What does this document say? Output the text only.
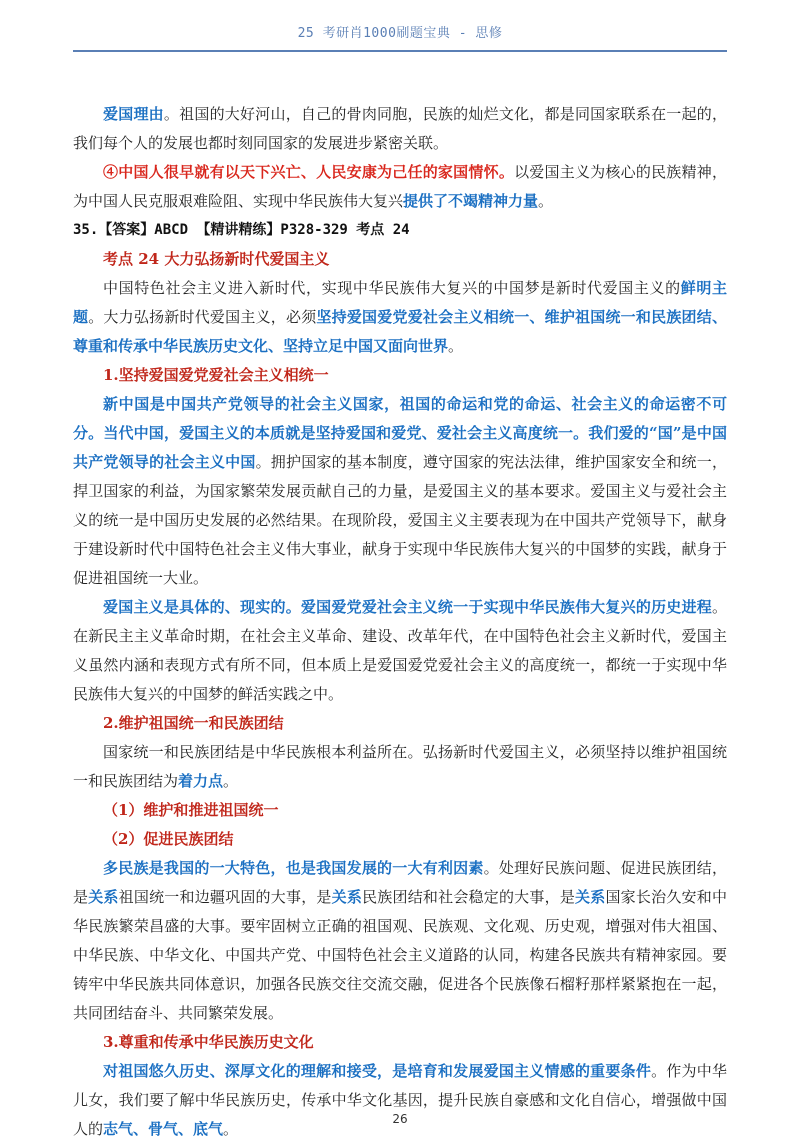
25 考研肖1000刷题宝典 - 思修

爱国理由。祖国的大好河山，自己的骨肉同胞，民族的灿烂文化，都是同国家联系在一起的，我们每个人的发展也都时刻同国家的发展进步紧密关联。

④中国人很早就有以天下兴亡、人民安康为己任的家国情怀。以爱国主义为核心的民族精神，为中国人民克服艰难险阻、实现中华民族伟大复兴提供了不竭精神力量。

35.【答案】ABCD 【精讲精练】P328-329 考点 24

考点 24 大力弘扬新时代爱国主义

中国特色社会主义进入新时代，实现中华民族伟大复兴的中国梦是新时代爱国主义的鲜明主题。大力弘扬新时代爱国主义，必须坚持爱国爱党爱社会主义相统一、维护祖国统一和民族团结、尊重和传承中华民族历史文化、坚持立足中国又面向世界。

1.坚持爱国爱党爱社会主义相统一

新中国是中国共产党领导的社会主义国家，祖国的命运和党的命运、社会主义的命运密不可分。当代中国，爱国主义的本质就是坚持爱国和爱党、爱社会主义高度统一。我们爱的“国”是中国共产党领导的社会主义中国。拥护国家的基本制度，遵守国家的宪法法律，维护国家安全和统一，捍卫国家的利益，为国家繁荣发展贡献自己的力量，是爱国主义的基本要求。爱国主义与爱社会主义的统一是中国历史发展的必然结果。在现阶段，爱国主义主要表现为在中国共产党领导下，献身于建设新时代中国特色社会主义伟大事业，献身于实现中华民族伟大复兴的中国梦的实践，献身于促进祖国统一大业。

爱国主义是具体的、现实的。爱国爱党爱社会主义统一于实现中华民族伟大复兴的历史进程。在新民主主义革命时期，在社会主义革命、建设、改革年代，在中国特色社会主义新时代，爱国主义虽然内涵和表现方式有所不同，但本质上是爱国爱党爱社会主义的高度统一，都统一于实现中华民族伟大复兴的中国梦的鲜活实践之中。

2.维护祖国统一和民族团结

国家统一和民族团结是中华民族根本利益所在。弘扬新时代爱国主义，必须坚持以维护祖国统一和民族团结为着力点。

（1）维护和推进祖国统一

（2）促进民族团结

多民族是我国的一大特色，也是我国发展的一大有利因素。处理好民族问题、促进民族团结，是关系祖国统一和边疆巩固的大事，是关系民族团结和社会稳定的大事，是关系国家长治久安和中华民族繁荣昌盛的大事。要牢固树立正确的祖国观、民族观、文化观、历史观，增强对伟大祖国、中华民族、中华文化、中国共产党、中国特色社会主义道路的认同，构建各民族共有精神家园。要铸牢中华民族共同体意识，加强各民族交往交流交融，促进各个民族像石榴籽那样紧紧抱在一起，共同团结奋斗、共同繁荣发展。

3.尊重和传承中华民族历史文化

对祖国悠久历史、深厚文化的理解和接受，是培育和发展爱国主义情感的重要条件。作为中华儿女，我们要了解中华民族历史，传承中华文化基因，提升民族自豪感和文化自信心，增强做中国人的志气、骨气、底气。

26
